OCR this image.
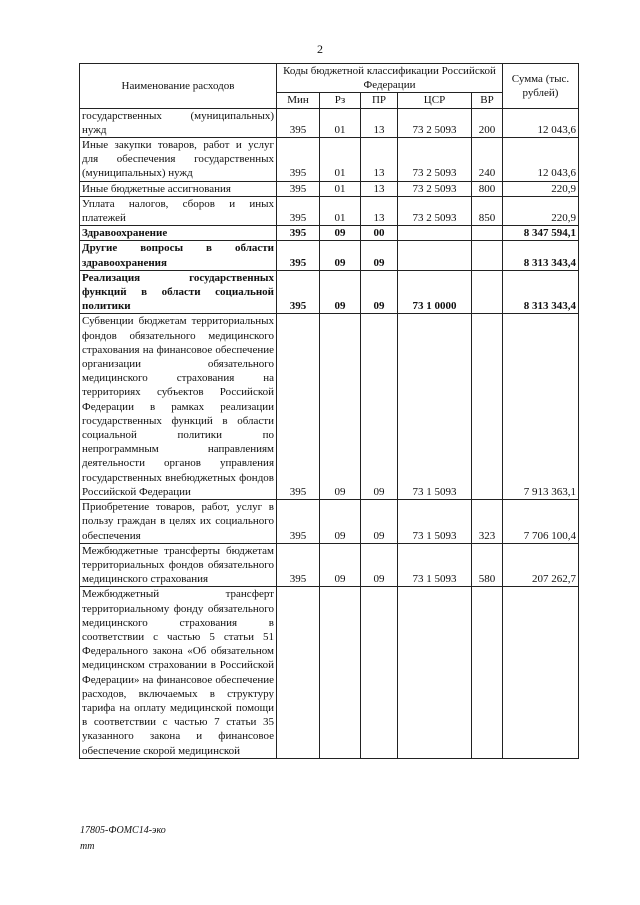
2
Наименование расходов	Коды бюджетной классификации Российской Федерации					Сумма (тыс. рублей)
	Мин	Рз	ПР	ЦСР	ВР	
государственных (муниципальных) нужд	395	01	13	73 2 5093	200	12 043,6
Иные закупки товаров, работ и услуг для обеспечения государственных (муниципальных) нужд	395	01	13	73 2 5093	240	12 043,6
Иные бюджетные ассигнования	395	01	13	73 2 5093	800	220,9
Уплата налогов, сборов и иных платежей	395	01	13	73 2 5093	850	220,9
Здравоохранение	395	09	00			8 347 594,1
Другие вопросы в области здравоохранения	395	09	09			8 313 343,4
Реализация государственных функций в области социальной политики	395	09	09	73 1 0000		8 313 343,4
Субвенции бюджетам территориальных фондов обязательного медицинского страхования на финансовое обеспечение организации обязательного медицинского страхования на территориях субъектов Российской Федерации в рамках реализации государственных функций в области социальной политики по непрограммным направлениям деятельности органов управления государственных внебюджетных фондов Российской Федерации	395	09	09	73 1 5093		7 913 363,1
Приобретение товаров, работ, услуг в пользу граждан в целях их социального обеспечения	395	09	09	73 1 5093	323	7 706 100,4
Межбюджетные трансферты бюджетам территориальных фондов обязательного медицинского страхования	395	09	09	73 1 5093	580	207 262,7
Межбюджетный трансферт территориальному фонду обязательного медицинского страхования в соответствии с частью 5 статьи 51 Федерального закона «Об обязательном медицинском страховании в Российской Федерации» на финансовое обеспечение расходов, включаемых в структуру тарифа на оплату медицинской помощи в соответствии с частью 7 статьи 35 указанного закона и финансовое обеспечение скорой медицинской						
17805-ФОМС14-эко
тт
